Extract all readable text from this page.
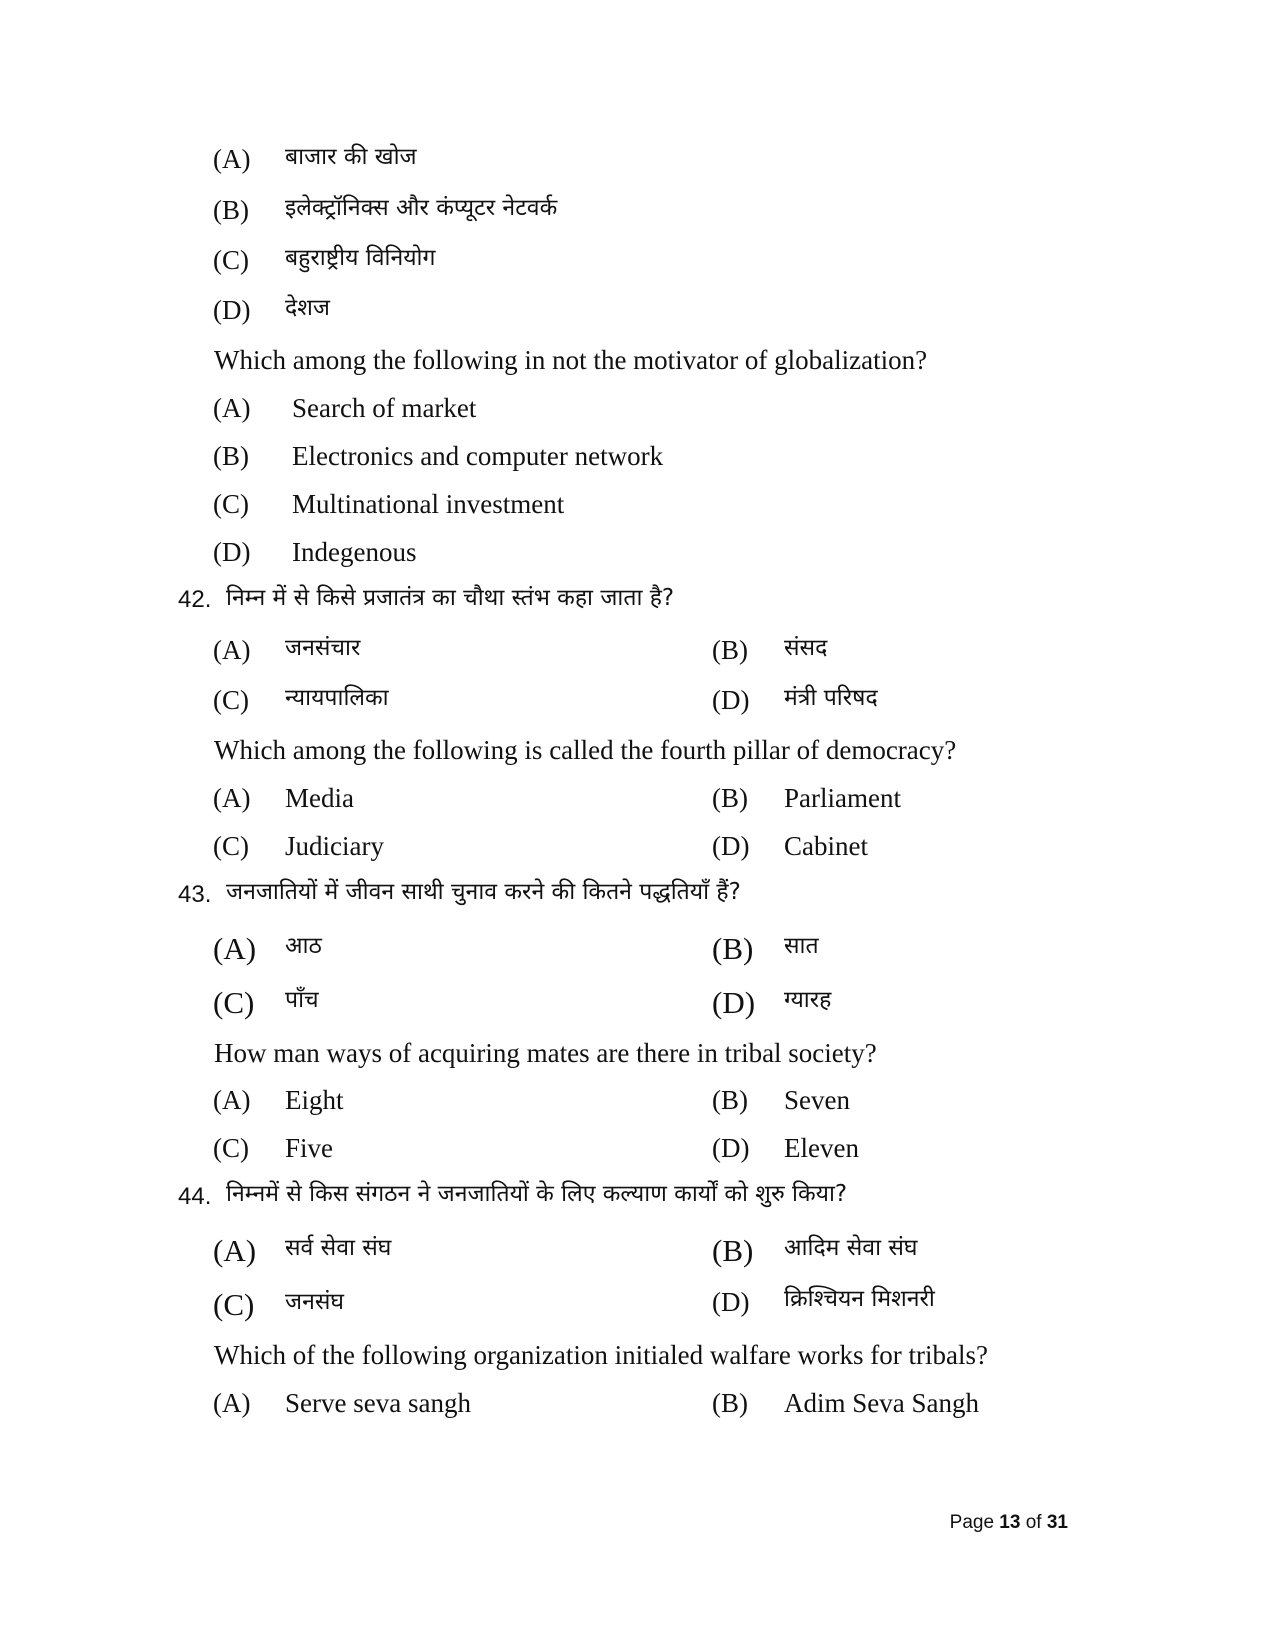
(A) बाजार की खोज
(B) इलेक्ट्रॉनिक्स और कंप्यूटर नेटवर्क
(C) बहुराष्ट्रीय विनियोग
(D) देशज
Which among the following in not the motivator of globalization?
(A) Search of market
(B) Electronics and computer network
(C) Multinational investment
(D) Indegenous
42. निम्न में से किसे प्रजातंत्र का चौथा स्तंभ कहा जाता है?
(A) जनसंचार	(B) संसद
(C) न्यायपालिका	(D) मंत्री परिषद
Which among the following is called the fourth pillar of democracy?
(A) Media	(B) Parliament
(C) Judiciary	(D) Cabinet
43. जनजातियों में जीवन साथी चुनाव करने की कितने पद्धतियाँ हैं?
(A) आठ	(B) सात
(C) पाँच	(D) ग्यारह
How man ways of acquiring mates are there in tribal society?
(A) Eight	(B) Seven
(C) Five	(D) Eleven
44. निम्नमें से किस संगठन ने जनजातियों के लिए कल्याण कार्यों को शुरु किया?
(A) सर्व सेवा संघ	(B) आदिम सेवा संघ
(C) जनसंघ	(D) क्रिश्चियन मिशनरी
Which of the following organization initialed walfare works for tribals?
(A) Serve seva sangh	(B) Adim Seva Sangh
Page 13 of 31
